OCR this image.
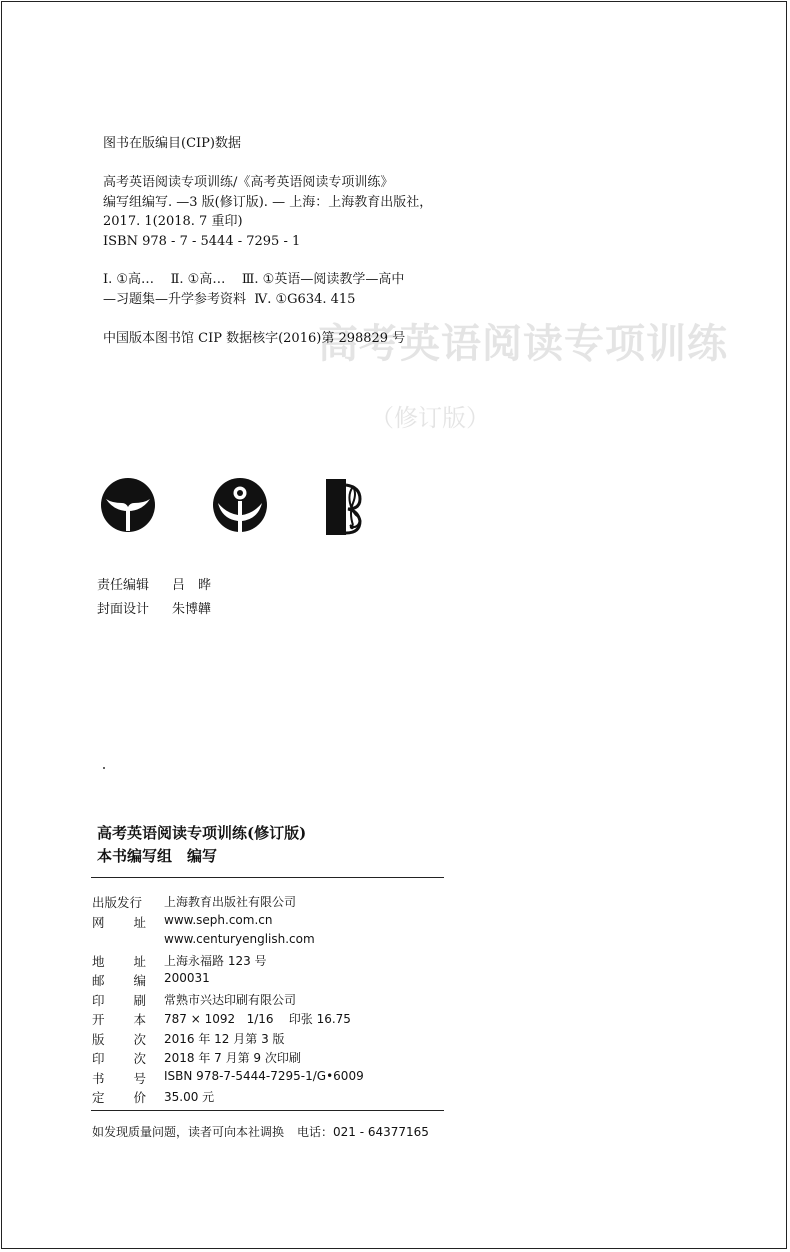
高考英语阅读专项训练
（修订版）
图书在版编目(CIP)数据
高考英语阅读专项训练/《高考英语阅读专项训练》
编写组编写. —3 版(修订版). — 上海：上海教育出版社，
2017. 1(2018. 7 重印)
ISBN 978 - 7 - 5444 - 7295 - 1
Ⅰ. ①高…    Ⅱ. ①高…    Ⅲ. ①英语—阅读教学—高中
—习题集—升学参考资料  Ⅳ. ①G634. 415
中国版本图书馆 CIP 数据核字(2016)第 298829 号
责任编辑 吕　晔
封面设计 朱博韡
高考英语阅读专项训练(修订版)
本书编写组　编写
出版发行	上海教育出版社有限公司
网 址 www.seph.com.cn
www.centuryenglish.com
地 址 上海永福路 123 号
邮 编 200031
印 刷 常熟市兴达印刷有限公司
开 本 787 × 1092   1/16    印张 16.75
版 次 2016 年 12 月第 3 版
印 次 2018 年 7 月第 9 次印刷
书 号 ISBN 978-7-5444-7295-1/G•6009
定 价 35.00 元
如发现质量问题，读者可向本社调换 电话：021 - 64377165
